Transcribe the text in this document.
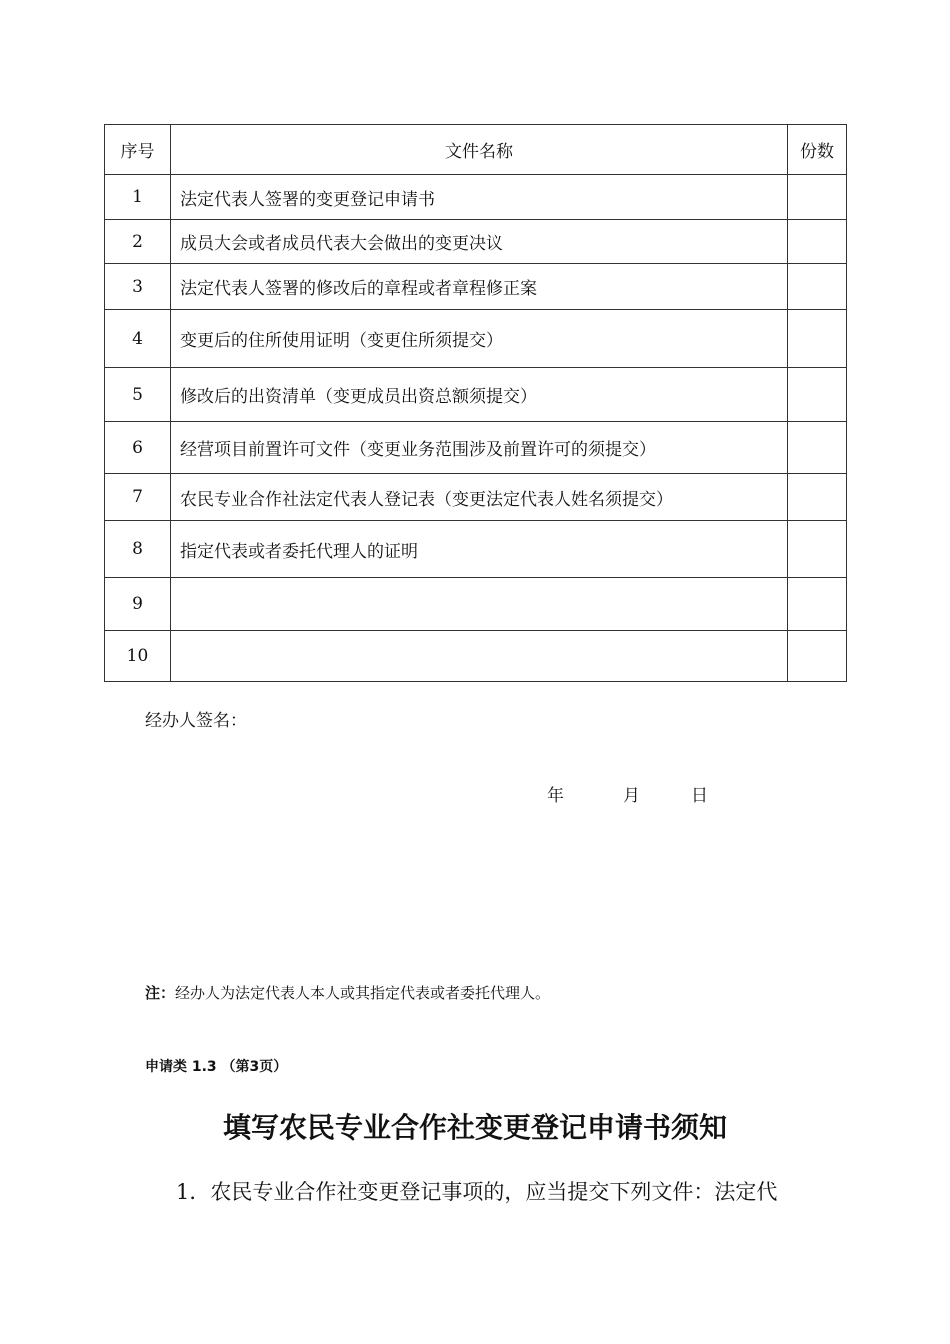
序号	文件名称	份数
1	法定代表人签署的变更登记申请书	
2	成员大会或者成员代表大会做出的变更决议	
3	法定代表人签署的修改后的章程或者章程修正案	
4	变更后的住所使用证明（变更住所须提交）	
5	修改后的出资清单（变更成员出资总额须提交）	
6	经营项目前置许可文件（变更业务范围涉及前置许可的须提交）	
7	农民专业合作社法定代表人登记表（变更法定代表人姓名须提交）	
8	指定代表或者委托代理人的证明	
9		
10		
经办人签名：
年	月	日
注：经办人为法定代表人本人或其指定代表或者委托代理人。
申请类 1.3 （第3页）
填写农民专业合作社变更登记申请书须知
1．农民专业合作社变更登记事项的，应当提交下列文件：法定代
